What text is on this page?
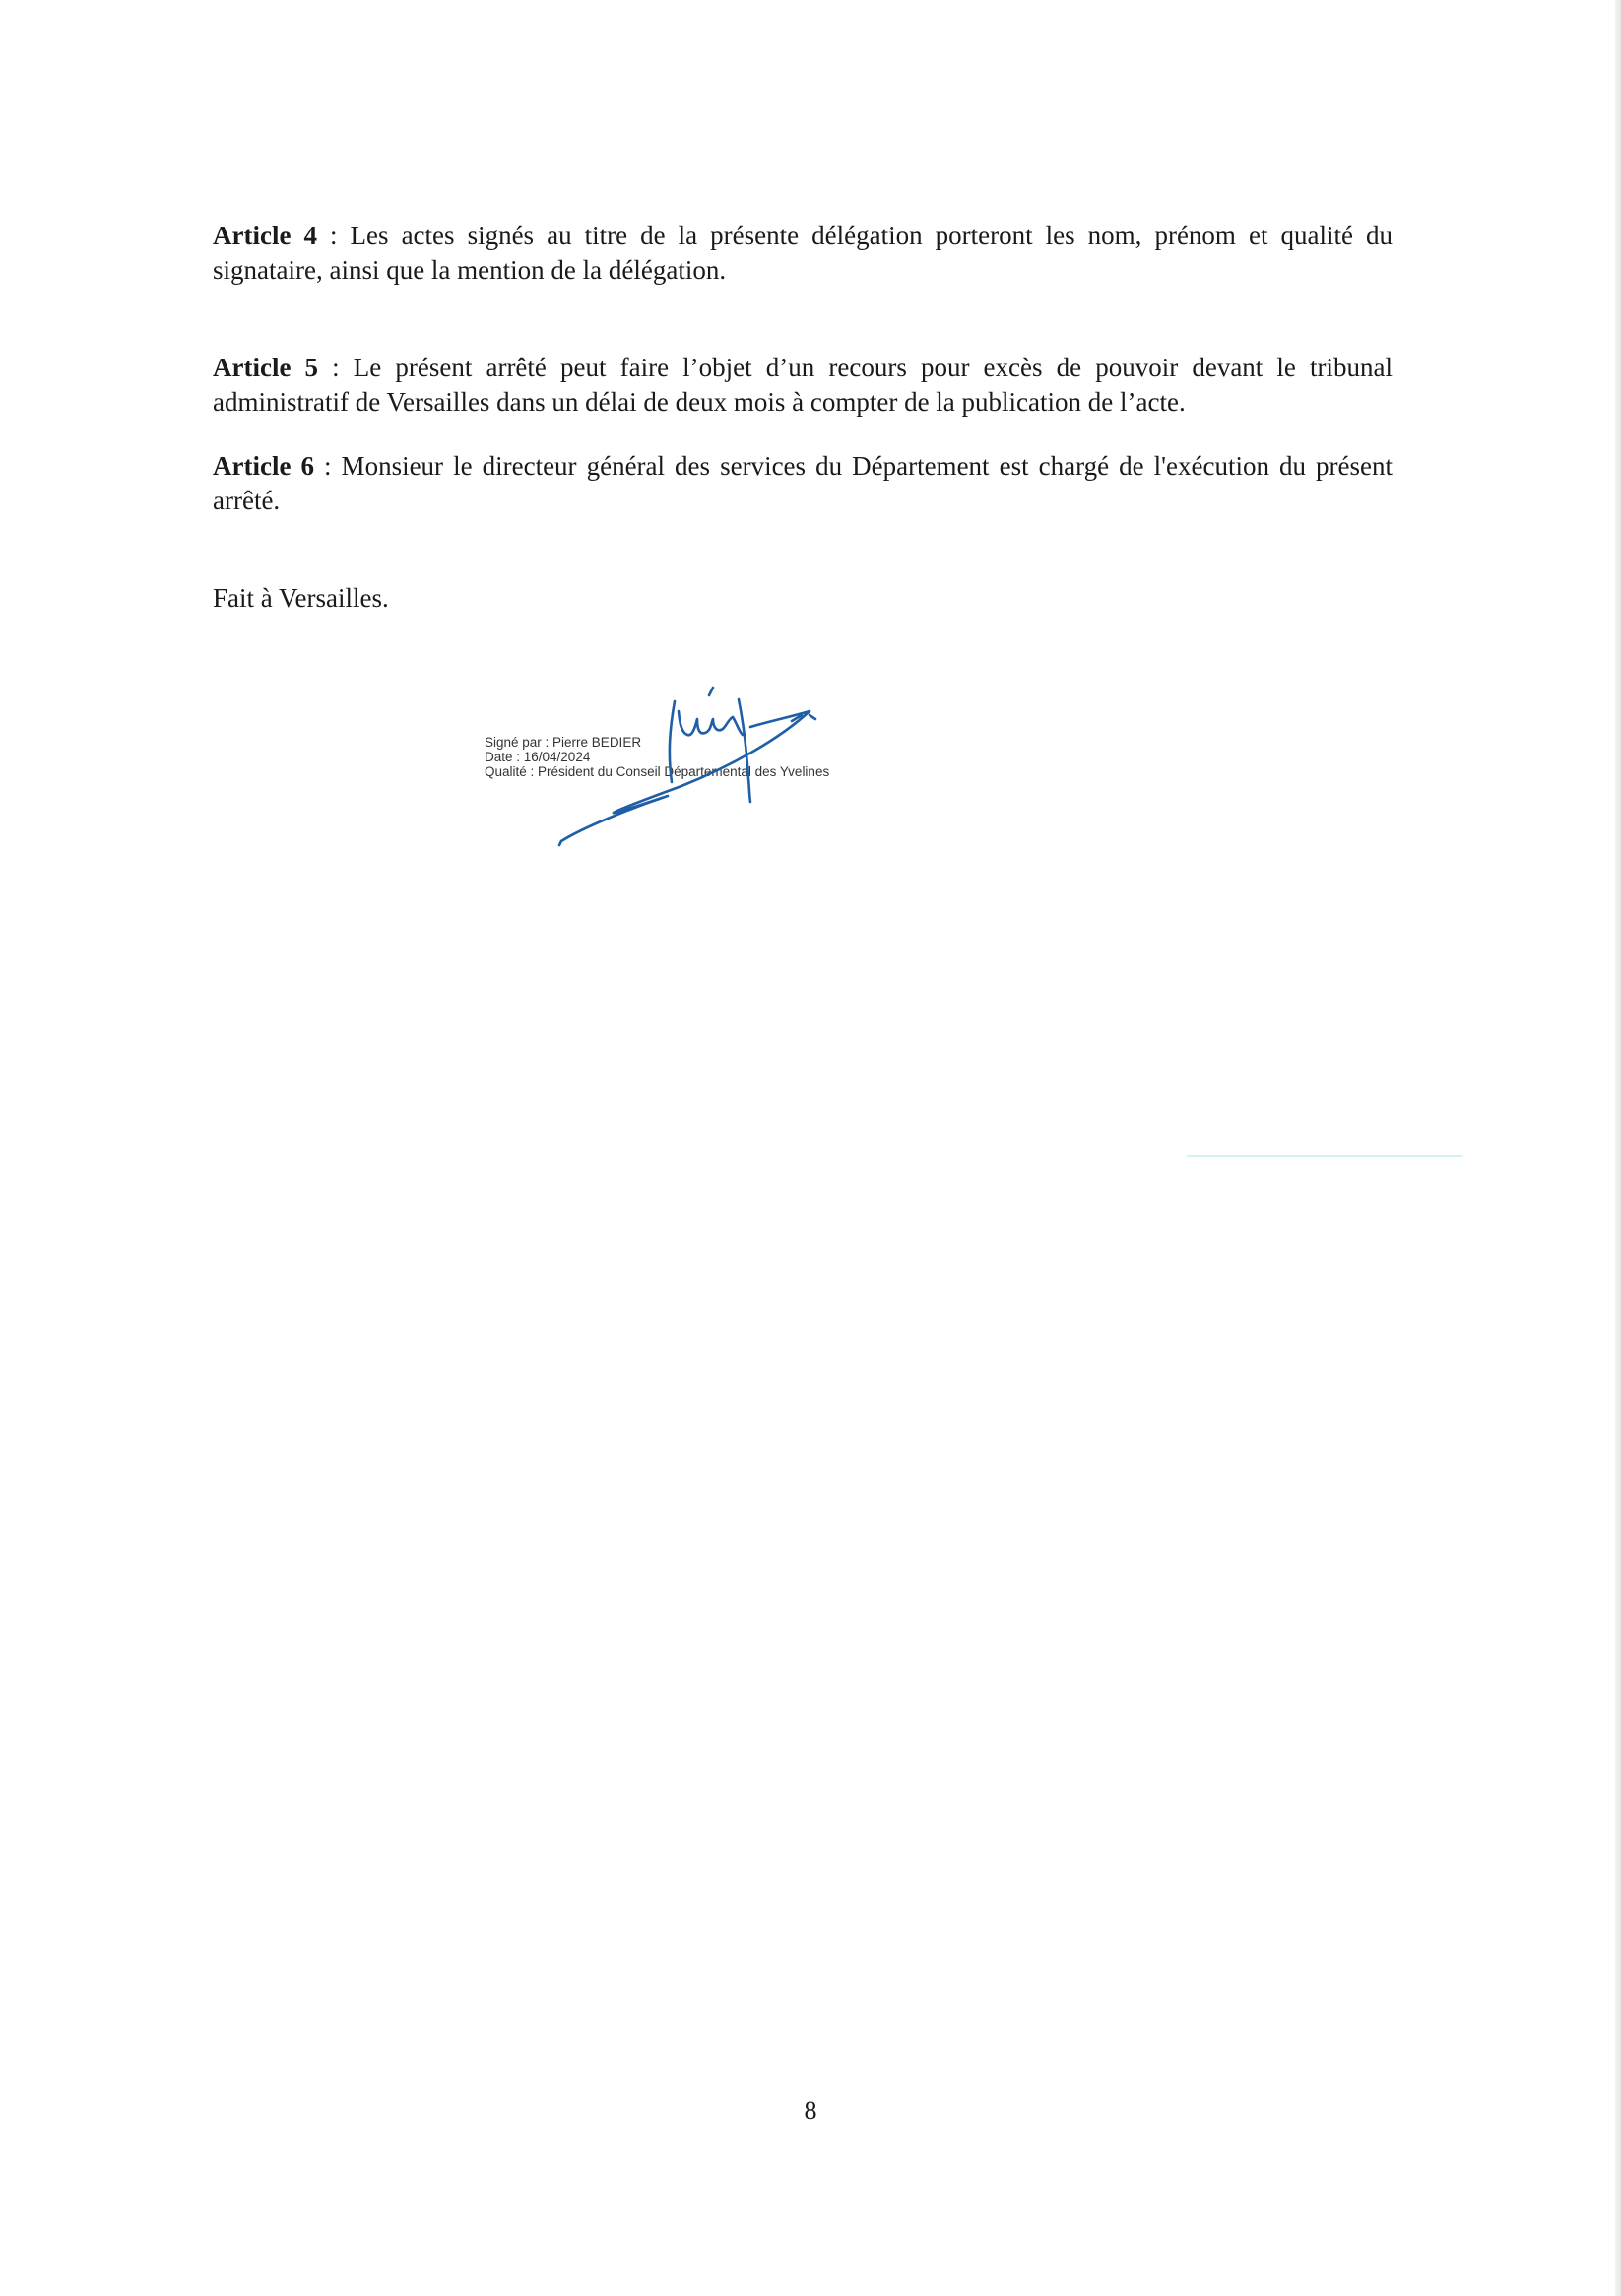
Article 4 : Les actes signés au titre de la présente délégation porteront les nom, prénom et qualité du signataire, ainsi que la mention de la délégation.

Article 5 : Le présent arrêté peut faire l’objet d’un recours pour excès de pouvoir devant le tribunal administratif de Versailles dans un délai de deux mois à compter de la publication de l’acte.

Article 6 : Monsieur le directeur général des services du Département est chargé de l'exécution du présent arrêté.

Fait à Versailles.

Signé par : Pierre BEDIER
Date : 16/04/2024
Qualité : Président du Conseil Départemental des Yvelines
8
